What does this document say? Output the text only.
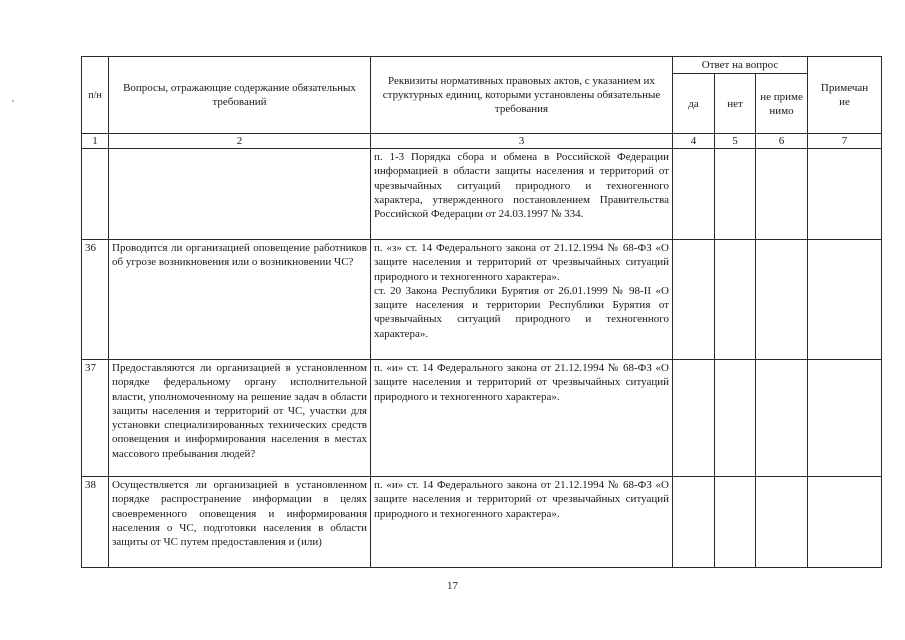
п/н	Вопросы, отражающие содержание обязательных требований	Реквизиты нормативных правовых актов, с указанием их структурных единиц, которыми установлены обязательные требования	Ответ на вопрос			Примечание
			да	нет	не применимо	
1	2	3	4	5	6	7
		п. 1-3 Порядка сбора и обмена в Российской Федерации информацией в области защиты населения и территорий от чрезвычайных ситуаций природного и техногенного характера, утвержденного постановлением Правительства Российской Федерации от 24.03.1997 № 334.				
36	Проводится ли организацией оповещение работников об угрозе возникновения или о возникновении ЧС?	п. «з» ст. 14 Федерального закона от 21.12.1994 № 68-ФЗ «О защите населения и территорий от чрезвычайных ситуаций природного и техногенного характера».
ст. 20 Закона Республики Бурятия от 26.01.1999 № 98-II «О защите населения и территории Республики Бурятия от чрезвычайных ситуаций природного и техногенного характера».				

37	Предоставляются ли организацией в установленном порядке федеральному органу исполнительной власти, уполномоченному на решение задач в области защиты населения и территорий от ЧС, участки для установки специализированных технических средств оповещения и информирования населения в местах массового пребывания людей?	п. «и» ст. 14 Федерального закона от 21.12.1994 № 68-ФЗ «О защите населения и территорий от чрезвычайных ситуаций природного и техногенного характера».				
38	Осуществляется ли организацией в установленном порядке распространение информации в целях своевременного оповещения и информирования населения о ЧС, подготовки населения в области защиты от ЧС путем предоставления и (или)	п. «и» ст. 14 Федерального закона от 21.12.1994 № 68-ФЗ «О защите населения и территорий от чрезвычайных ситуаций природного и техногенного характера».				
17
